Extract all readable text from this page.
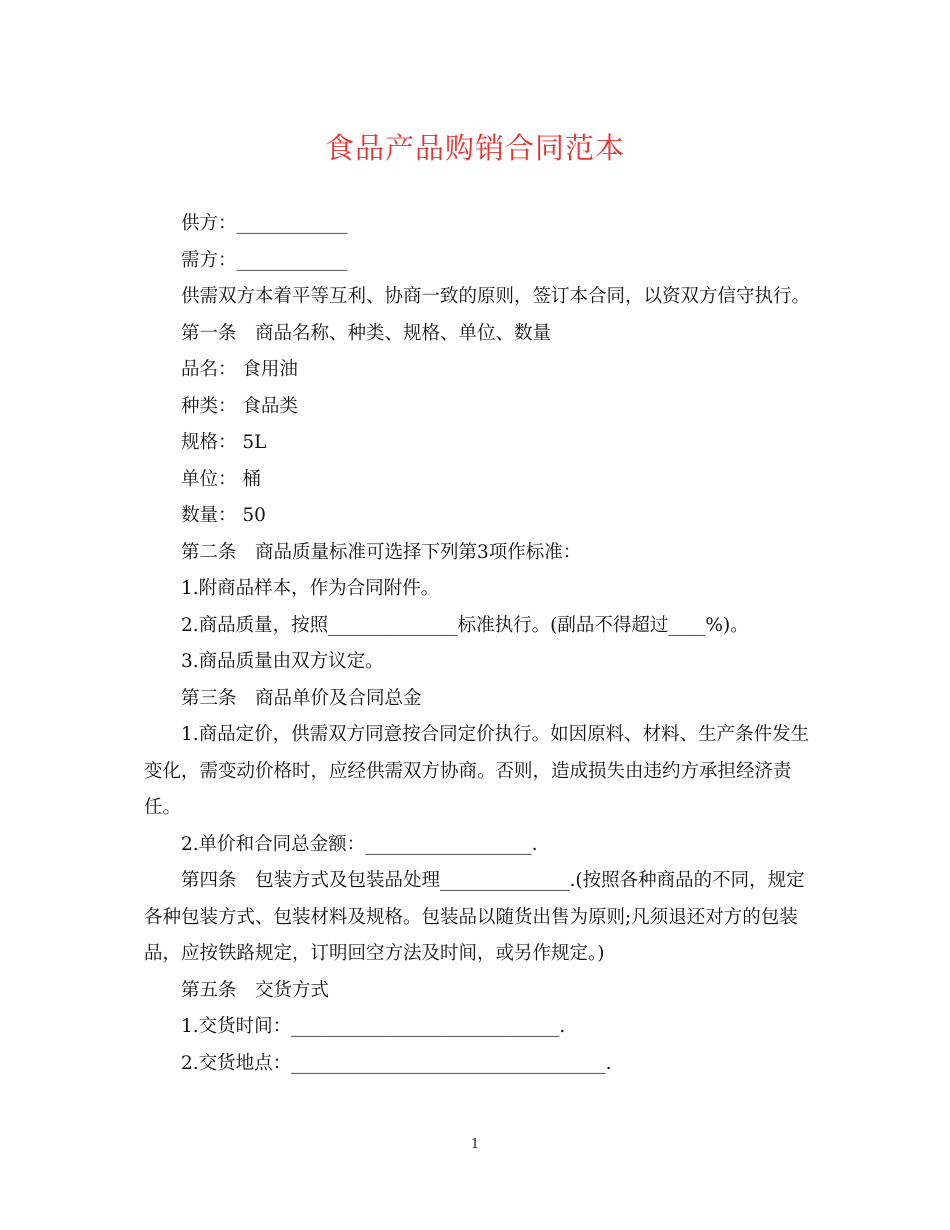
食品产品购销合同范本

供方：____________

需方：____________

供需双方本着平等互利、协商一致的原则，签订本合同，以资双方信守执行。

第一条　商品名称、种类、规格、单位、数量

品名： 食用油

种类： 食品类

规格： 5L

单位： 桶

数量： 50

第二条　商品质量标准可选择下列第3项作标准：

1.附商品样本，作为合同附件。

2.商品质量，按照______________标准执行。(副品不得超过____%)。

3.商品质量由双方议定。

第三条　商品单价及合同总金

1.商品定价，供需双方同意按合同定价执行。如因原料、材料、生产条件发生变化，需变动价格时，应经供需双方协商。否则，造成损失由违约方承担经济责任。

2.单价和合同总金额：__________________.

第四条　包装方式及包装品处理______________.(按照各种商品的不同，规定各种包装方式、包装材料及规格。包装品以随货出售为原则;凡须退还对方的包装品，应按铁路规定，订明回空方法及时间，或另作规定。)

第五条　交货方式

1.交货时间：_____________________________.

2.交货地点：__________________________________.

1
